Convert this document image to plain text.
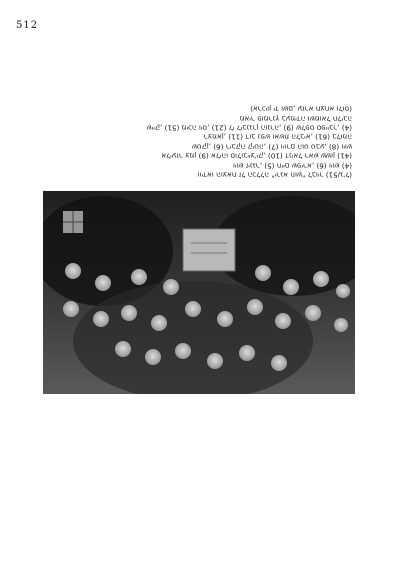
512
ווידאו הוצאת זל הכללה "ירגא חוש" לבויר (51/ג'ל)
(4) ויוש זינגר, (5) חיים שפירא, (6) ויוש
(41) אליעזר צמן (9) אליהו סולובייצ'יק, (10) דניאל ראש ששון
שטקן, (6) ריבקה קיטה, (7) ויורם הוט טבע, (8) ויוש
רצמאן, (11) דוב נפש ואשת הלביא, (61) בלומה
שייק, (51) מיכה ויס, (21) לי ליבנגרן הונרה, (9) שלפס ספייבר, (4)
מאיר פומרנץ בעמידה ושמואל חליבה
(ארכיון יד ושם, עזרא תצחא ולוס)
